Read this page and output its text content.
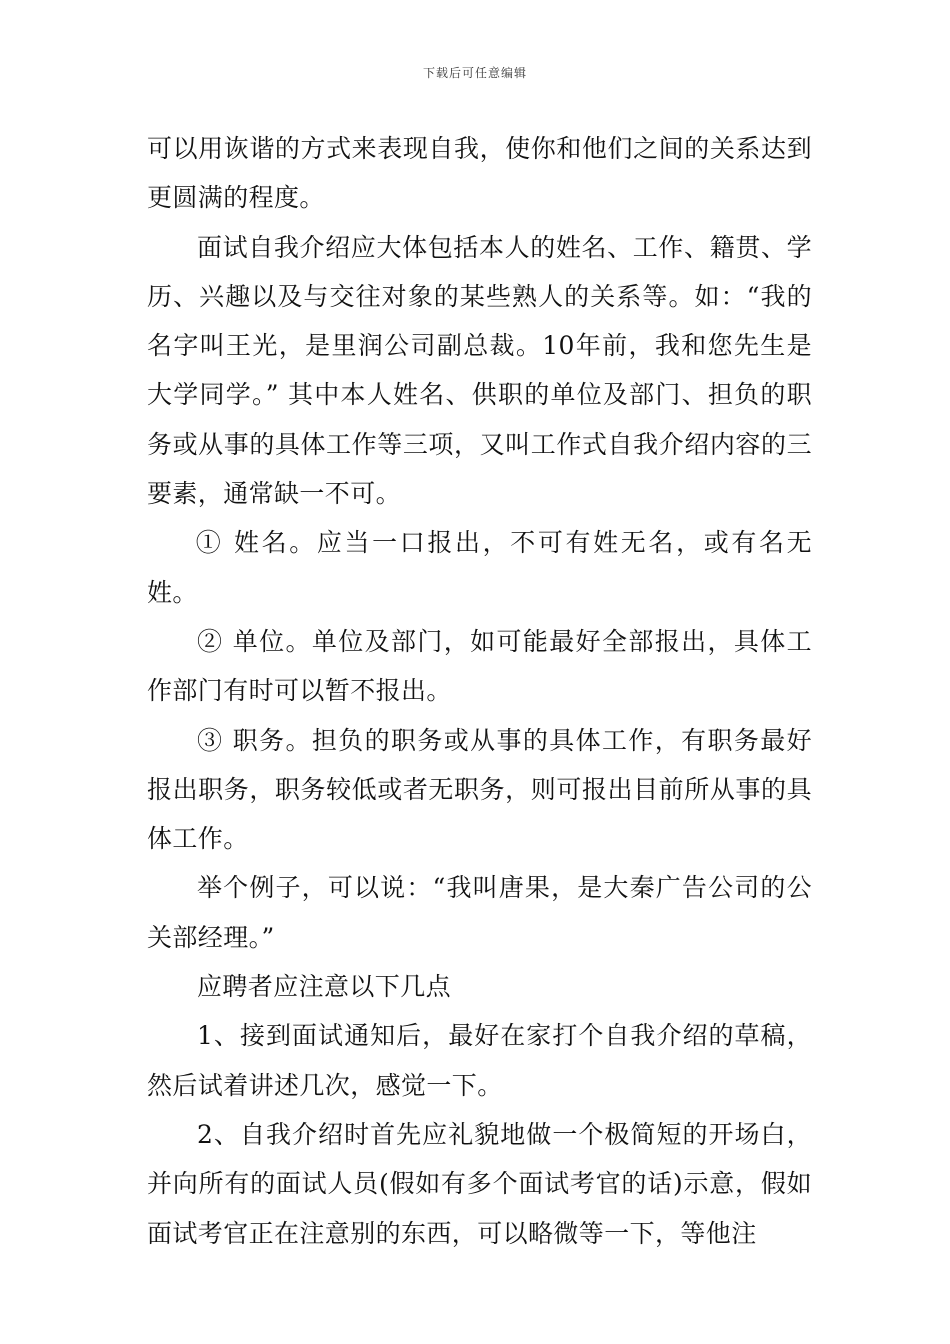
下载后可任意编辑

可以用诙谐的方式来表现自我，使你和他们之间的关系达到更圆满的程度。

面试自我介绍应大体包括本人的姓名、工作、籍贯、学历、兴趣以及与交往对象的某些熟人的关系等。如：“我的名字叫王光，是里润公司副总裁。10年前，我和您先生是大学同学。” 其中本人姓名、供职的单位及部门、担负的职务或从事的具体工作等三项，又叫工作式自我介绍内容的三要素，通常缺一不可。

① 姓名。应当一口报出，不可有姓无名，或有名无姓。

② 单位。单位及部门，如可能最好全部报出，具体工作部门有时可以暂不报出。

③ 职务。担负的职务或从事的具体工作，有职务最好报出职务，职务较低或者无职务，则可报出目前所从事的具体工作。

举个例子，可以说：“我叫唐果，是大秦广告公司的公关部经理。”

应聘者应注意以下几点

1、接到面试通知后，最好在家打个自我介绍的草稿，然后试着讲述几次，感觉一下。

2、自我介绍时首先应礼貌地做一个极简短的开场白，并向所有的面试人员(假如有多个面试考官的话)示意，假如面试考官正在注意别的东西，可以略微等一下，等他注
